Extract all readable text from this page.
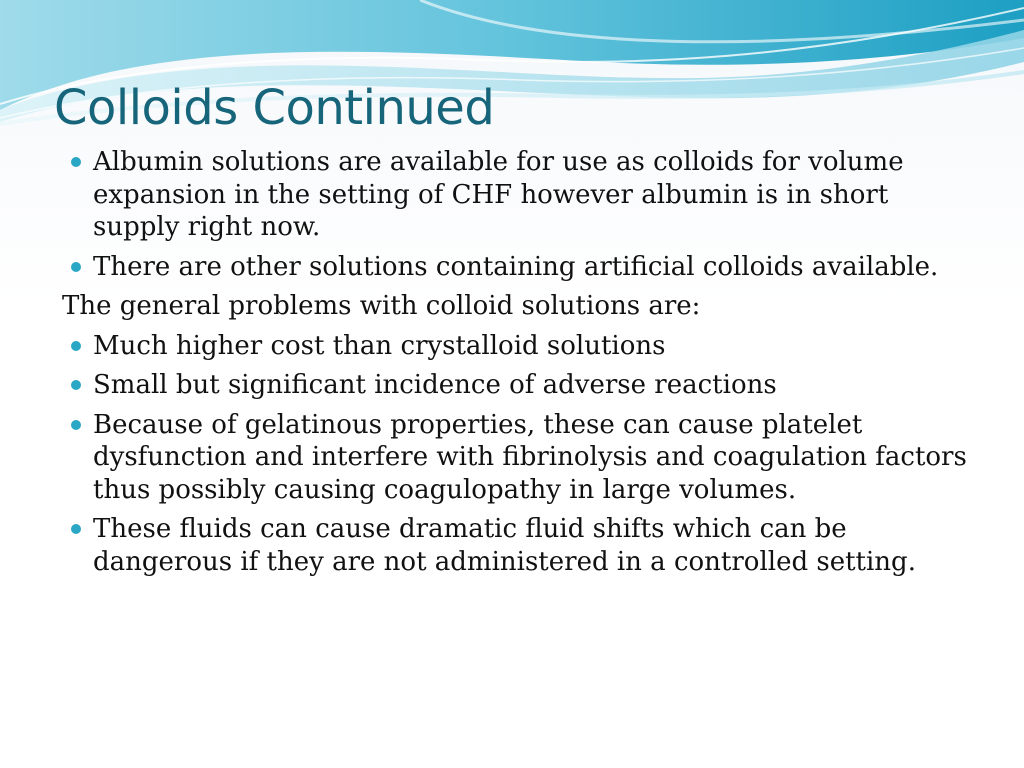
Colloids Continued
Albumin solutions are available for use as colloids for volume expansion in the setting of CHF however albumin is in short supply right now.
There are other solutions containing artificial colloids available.
The general problems with colloid solutions are:
Much higher cost than crystalloid solutions
Small but significant incidence of adverse reactions
Because of gelatinous properties, these can cause platelet dysfunction and interfere with fibrinolysis and coagulation factors thus possibly causing coagulopathy in large volumes.
These fluids can cause dramatic fluid shifts which can be dangerous if they are not administered in a controlled setting.
